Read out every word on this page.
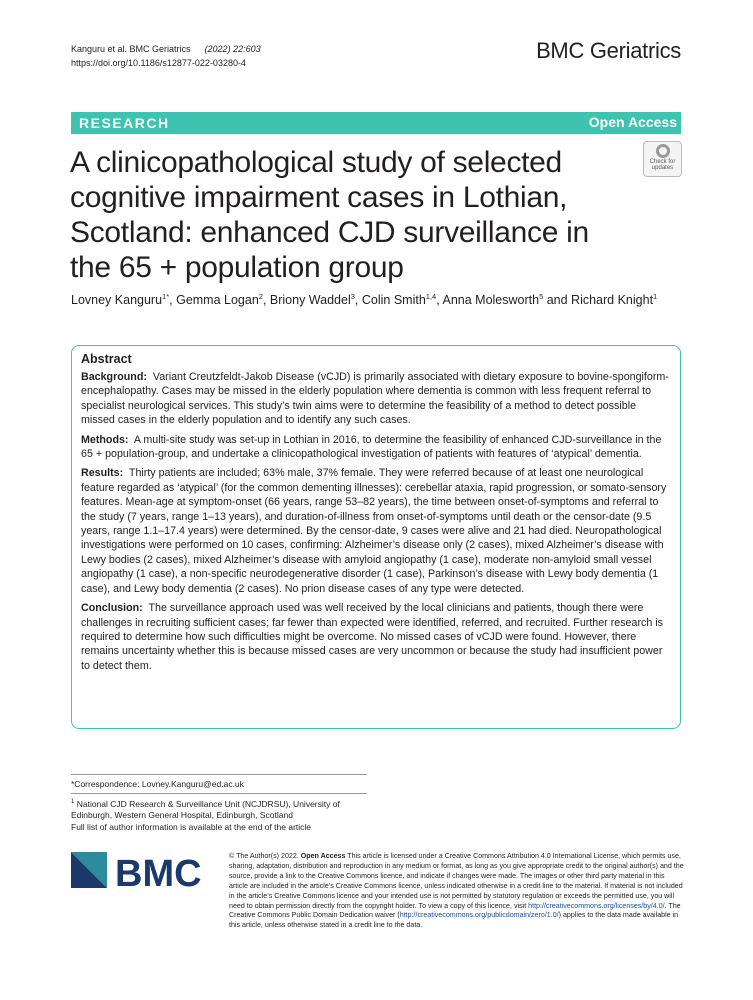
Kanguru et al. BMC Geriatrics (2022) 22:603
https://doi.org/10.1186/s12877-022-03280-4	BMC Geriatrics
RESEARCH	Open Access
A clinicopathological study of selected cognitive impairment cases in Lothian, Scotland: enhanced CJD surveillance in the 65 + population group
Check for updates
Lovney Kanguru$^{1*}$, Gemma Logan$^2$, Briony Waddel$^3$, Colin Smith$^{1,4}$, Anna Molesworth$^5$ and Richard Knight$^1$
Abstract

Background: Variant Creutzfeldt-Jakob Disease (vCJD) is primarily associated with dietary exposure to bovine-spongiform-encephalopathy. Cases may be missed in the elderly population where dementia is common with less frequent referral to specialist neurological services. This study’s twin aims were to determine the feasibility of a method to detect possible missed cases in the elderly population and to identify any such cases.

Methods: A multi-site study was set-up in Lothian in 2016, to determine the feasibility of enhanced CJD-surveillance in the 65 + population-group, and undertake a clinicopathological investigation of patients with features of ‘atypical’ dementia.

Results: Thirty patients are included; 63% male, 37% female. They were referred because of at least one neurological feature regarded as ‘atypical’ (for the common dementing illnesses): cerebellar ataxia, rapid progression, or somato-sensory features. Mean-age at symptom-onset (66 years, range 53–82 years), the time between onset-of-symptoms and referral to the study (7 years, range 1–13 years), and duration-of-illness from onset-of-symptoms until death or the censor-date (9.5 years, range 1.1–17.4 years) were determined. By the censor-date, 9 cases were alive and 21 had died. Neuropathological investigations were performed on 10 cases, confirming: Alzheimer’s disease only (2 cases), mixed Alzheimer’s disease with Lewy bodies (2 cases), mixed Alzheimer’s disease with amyloid angiopathy (1 case), moderate non-amyloid small vessel angiopathy (1 case), a non-specific neurodegenerative disorder (1 case), Parkinson’s disease with Lewy body dementia (1 case), and Lewy body dementia (2 cases). No prion disease cases of any type were detected.

Conclusion: The surveillance approach used was well received by the local clinicians and patients, though there were challenges in recruiting sufficient cases; far fewer than expected were identified, referred, and recruited. Further research is required to determine how such difficulties might be overcome. No missed cases of vCJD were found. However, there remains uncertainty whether this is because missed cases are very uncommon or because the study had insufficient power to detect them.

*Correspondence: Lovney.Kanguru@ed.ac.uk
$^1$ National CJD Research & Surveillance Unit (NCJDRSU), University of Edinburgh, Western General Hospital, Edinburgh, Scotland
Full list of author information is available at the end of the article
BMC	© The Author(s) 2022. Open Access This article is licensed under a Creative Commons Attribution 4.0 International License, which permits use, sharing, adaptation, distribution and reproduction in any medium or format, as long as you give appropriate credit to the original author(s) and the source, provide a link to the Creative Commons licence, and indicate if changes were made. The images or other third party material in this article are included in the article’s Creative Commons licence, unless indicated otherwise in a credit line to the material. If material is not included in the article’s Creative Commons licence and your intended use is not permitted by statutory regulation or exceeds the permitted use, you will need to obtain permission directly from the copyright holder. To view a copy of this licence, visit http://creativecommons.org/licenses/by/4.0/. The Creative Commons Public Domain Dedication waiver (http://creativecommons.org/publicdomain/zero/1.0/) applies to the data made available in this article, unless otherwise stated in a credit line to the data.
